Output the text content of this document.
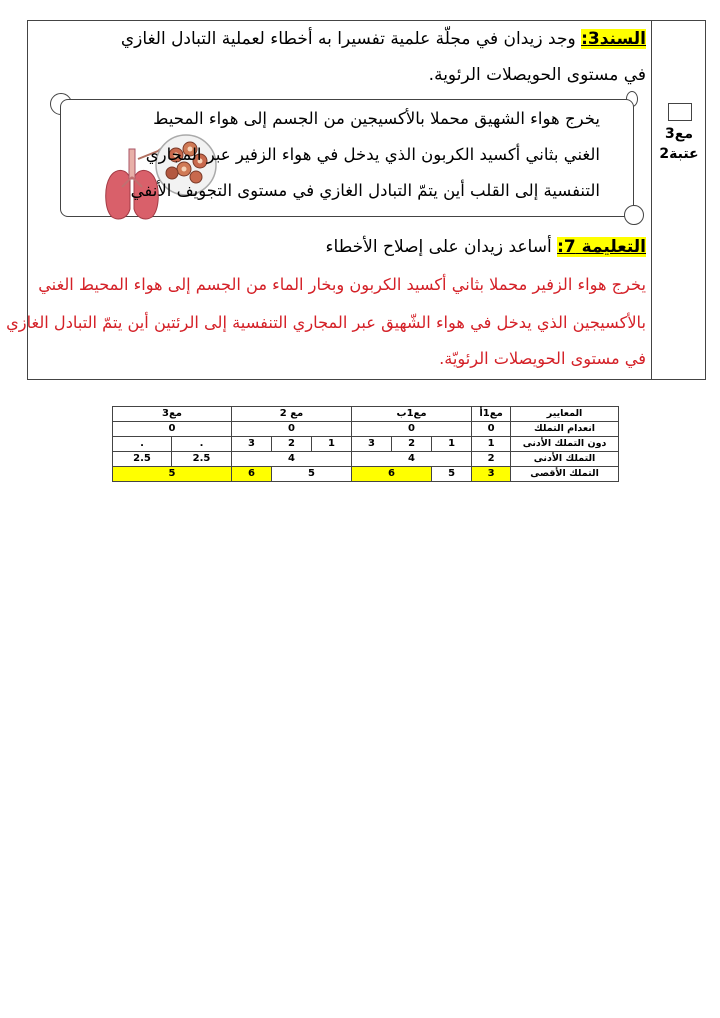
مع3
عتبة2
السند3: وجد زيدان في مجلّة علمية تفسيرا به أخطاء لعملية التبادل الغازي
في مستوى الحويصلات الرئوية.
يخرج هواء الشهيق محملا بالأكسيجين من الجسم إلى هواء المحيط
الغني بثاني أكسيد الكربون الذي يدخل في هواء الزفير عبر المجاري
التنفسية إلى القلب أين يتمّ التبادل الغازي في مستوى التجويف الأنفي
التعليمة 7: أساعد زيدان على إصلاح الأخطاء
يخرج هواء الزفير محملا بثاني أكسيد الكربون وبخار الماء من الجسم إلى هواء المحيط الغني
بالأكسيجين الذي يدخل في هواء الشّهيق عبر المجاري التنفسية إلى الرئتين أين يتمّ التبادل الغازي
في مستوى الحويصلات الرئويّة.
المعايير	مع1أ	مع1ب			مع 2			مع3	
انعدام التملك	0	0			0			0	
دون التملك الأدنى	1	1	2	3	1	2	3	.	.
التملك الأدنى	2	4			4			2.5	2.5
التملك الأقصى	3	5	6		5		6	5	
